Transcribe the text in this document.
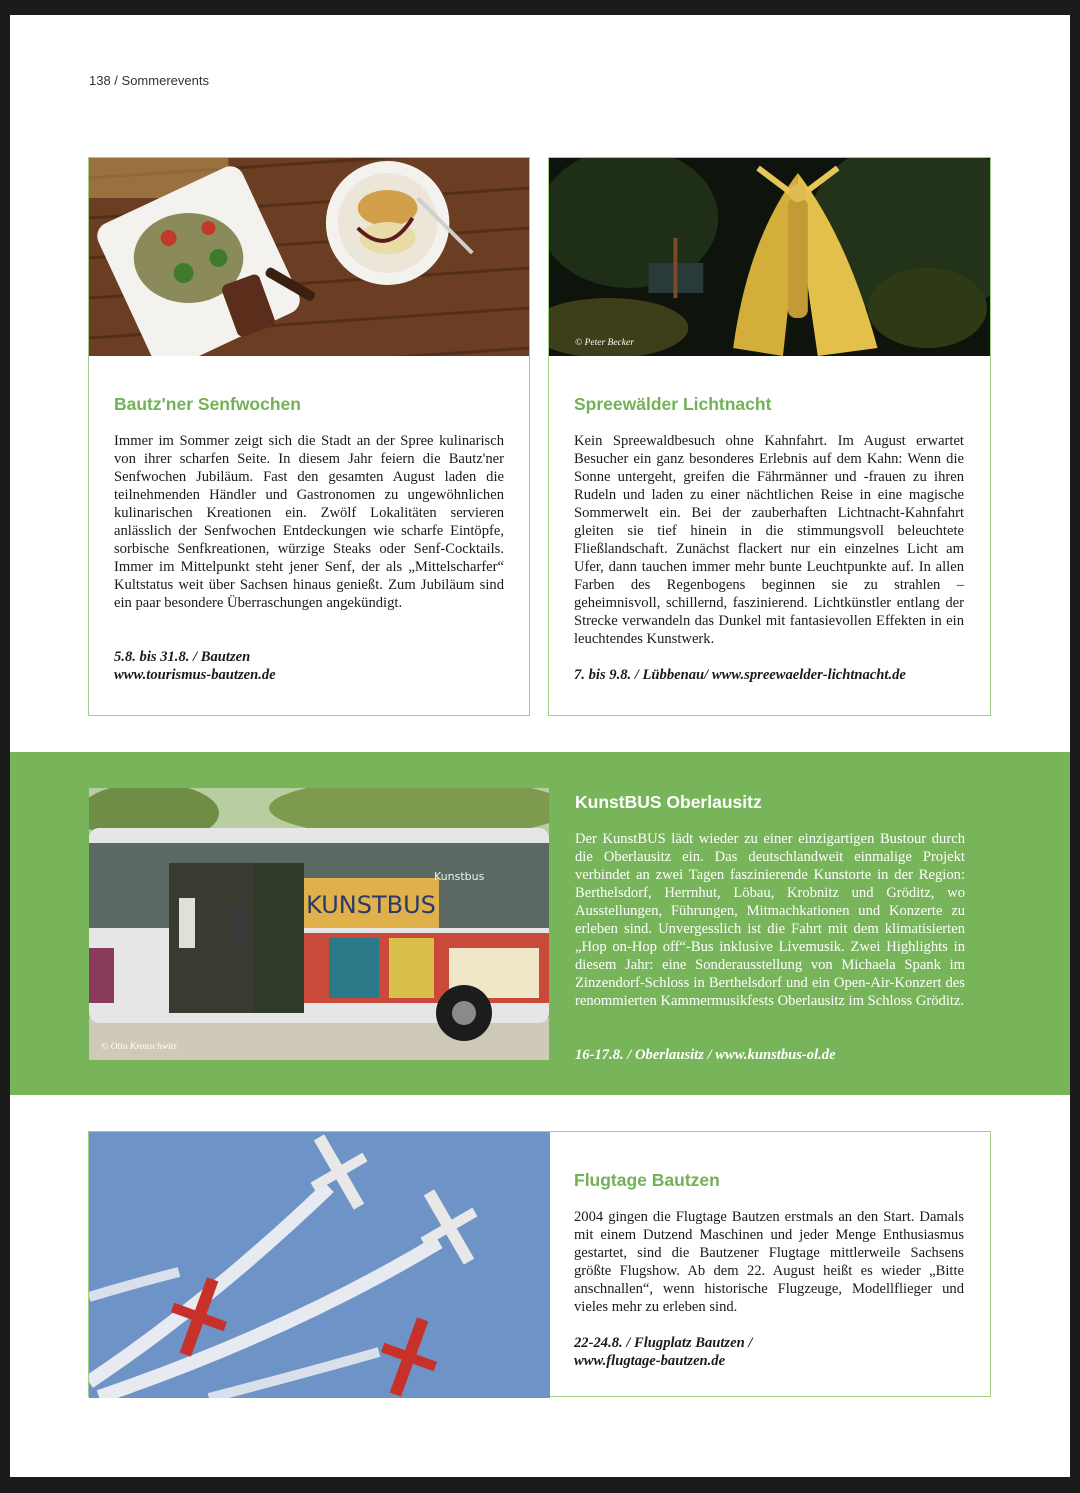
138 / Sommerevents
Bautz'ner Senfwochen

Immer im Sommer zeigt sich die Stadt an der Spree kulinarisch von ihrer scharfen Seite. In diesem Jahr feiern die Bautz'ner Senfwochen Jubiläum. Fast den gesamten August laden die teilnehmenden Händler und Gastronomen zu ungewöhnlichen kulinarischen Kreationen ein. Zwölf Lokalitäten servieren anlässlich der Senfwochen Entdeckungen wie scharfe Eintöpfe, sorbische Senfkreationen, würzige Steaks oder Senf-Cocktails. Immer im Mittelpunkt steht jener Senf, der als „Mittelscharfer“ Kultstatus weit über Sachsen hinaus genießt. Zum Jubiläum sind ein paar besondere Überraschungen angekündigt.

5.8. bis 31.8. / Bautzen

www.tourismus-bautzen.de

© Peter Becker
Spreewälder Lichtnacht

Kein Spreewaldbesuch ohne Kahnfahrt. Im August erwartet Besucher ein ganz besonderes Erlebnis auf dem Kahn: Wenn die Sonne untergeht, greifen die Fährmänner und -frauen zu ihren Rudeln und laden zu einer nächtlichen Reise in eine magische Sommerwelt ein. Bei der zauberhaften Lichtnacht-Kahnfahrt gleiten sie tief hinein in die stimmungsvoll beleuchtete Fließlandschaft. Zunächst flackert nur ein einzelnes Licht am Ufer, dann tauchen immer mehr bunte Leuchtpunkte auf. In allen Farben des Regenbogens beginnen sie zu strahlen – geheimnisvoll, schillernd, faszinierend. Lichtkünstler entlang der Strecke verwandeln das Dunkel mit fantasievollen Effekten in ein leuchtendes Kunstwerk.

7. bis 9.8. / Lübbenau/ www.spreewaelder-lichtnacht.de

KUNSTBUS
Kunstbus
© Otto Kronschwitz
KunstBUS Oberlausitz

Der KunstBUS lädt wieder zu einer einzigartigen Bustour durch die Oberlausitz ein. Das deutschlandweit einmalige Projekt verbindet an zwei Tagen faszinierende Kunstorte in der Region: Berthelsdorf, Herrnhut, Löbau, Krobnitz und Gröditz, wo Ausstellungen, Führungen, Mitmachkationen und Konzerte zu erleben sind. Unvergesslich ist die Fahrt mit dem klimatisierten „Hop on-Hop off“-Bus inklusive Livemusik. Zwei Highlights in diesem Jahr: eine Sonderausstellung von Michaela Spank im Zinzendorf-Schloss in Berthelsdorf und ein Open-Air-Konzert des renommierten Kammermusikfests Oberlausitz im Schloss Gröditz.

16-17.8. / Oberlausitz / www.kunstbus-ol.de

Flugtage Bautzen

2004 gingen die Flugtage Bautzen erstmals an den Start. Damals mit einem Dutzend Maschinen und jeder Menge Enthusiasmus gestartet, sind die Bautzener Flugtage mittlerweile Sachsens größte Flugshow. Ab dem 22. August heißt es wieder „Bitte anschnallen“, wenn historische Flugzeuge, Modellflieger und vieles mehr zu erleben sind.

22-24.8. / Flugplatz Bautzen /

www.flugtage-bautzen.de
